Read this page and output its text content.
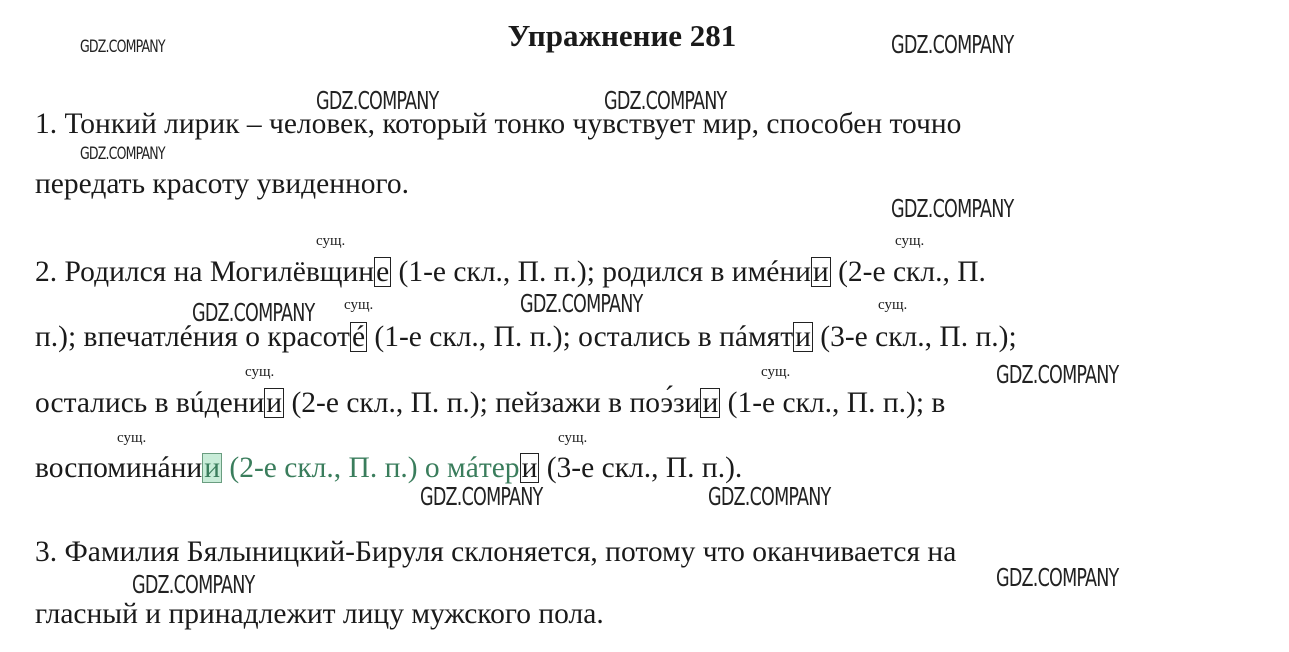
Упражнение 281
1. Тонкий лирик – человек, который тонко чувствует мир, способен точно
передать красоту увиденного.
2. Родился на Могилёвщине (1-е скл., П. п.); родился в имéнии (2-е скл., П.
п.); впечатлéния о красотé (1-е скл., П. п.); остались в пáмяти (3-е скл., П. п.);
остались в вúдении (2-е скл., П. п.); пейзажи в поэ́зии (1-е скл., П. п.); в
воспоминáнии (2-е скл., П. п.) о мáтери (3-е скл., П. п.).
3. Фамилия Бялыницкий-Бируля склоняется, потому что оканчивается на
гласный и принадлежит лицу мужского пола.
сущ.	сущ.
сущ.	сущ.
сущ.	сущ.
сущ.	сущ.
GDZ.COMPANY	GDZ.COMPANY
GDZ.COMPANY	GDZ.COMPANY
GDZ.COMPANY
GDZ.COMPANY
GDZ.COMPANY	GDZ.COMPANY
GDZ.COMPANY
GDZ.COMPANY	GDZ.COMPANY
GDZ.COMPANY	GDZ.COMPANY
